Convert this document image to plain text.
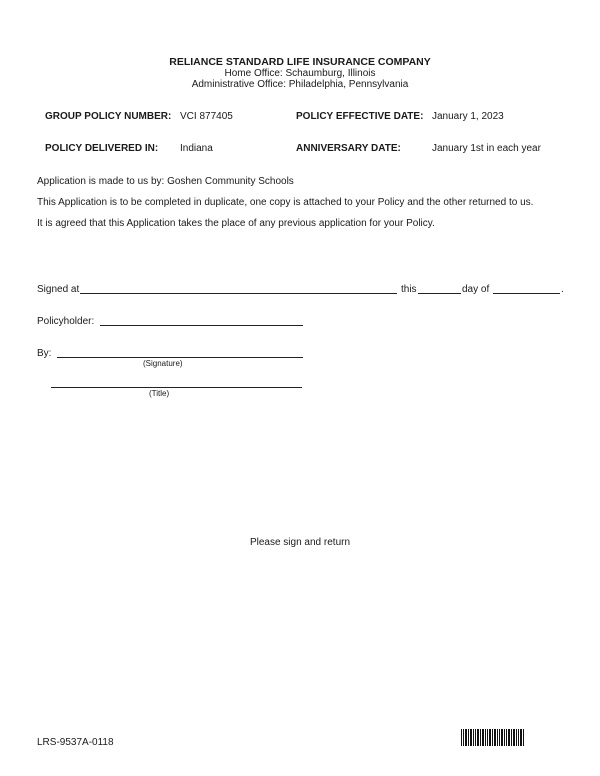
RELIANCE STANDARD LIFE INSURANCE COMPANY
Home Office: Schaumburg, Illinois
Administrative Office: Philadelphia, Pennsylvania
GROUP POLICY NUMBER: VCI 877405	POLICY EFFECTIVE DATE: January 1, 2023
POLICY DELIVERED IN: Indiana	ANNIVERSARY DATE:	January 1st in each year
Application is made to us by: Goshen Community Schools
This Application is to be completed in duplicate, one copy is attached to your Policy and the other returned to us.
It is agreed that this Application takes the place of any previous application for your Policy.
Signed at	this	day of	.
Policyholder:
By:
(Signature)
(Title)
Please sign and return
LRS-9537A-0118
